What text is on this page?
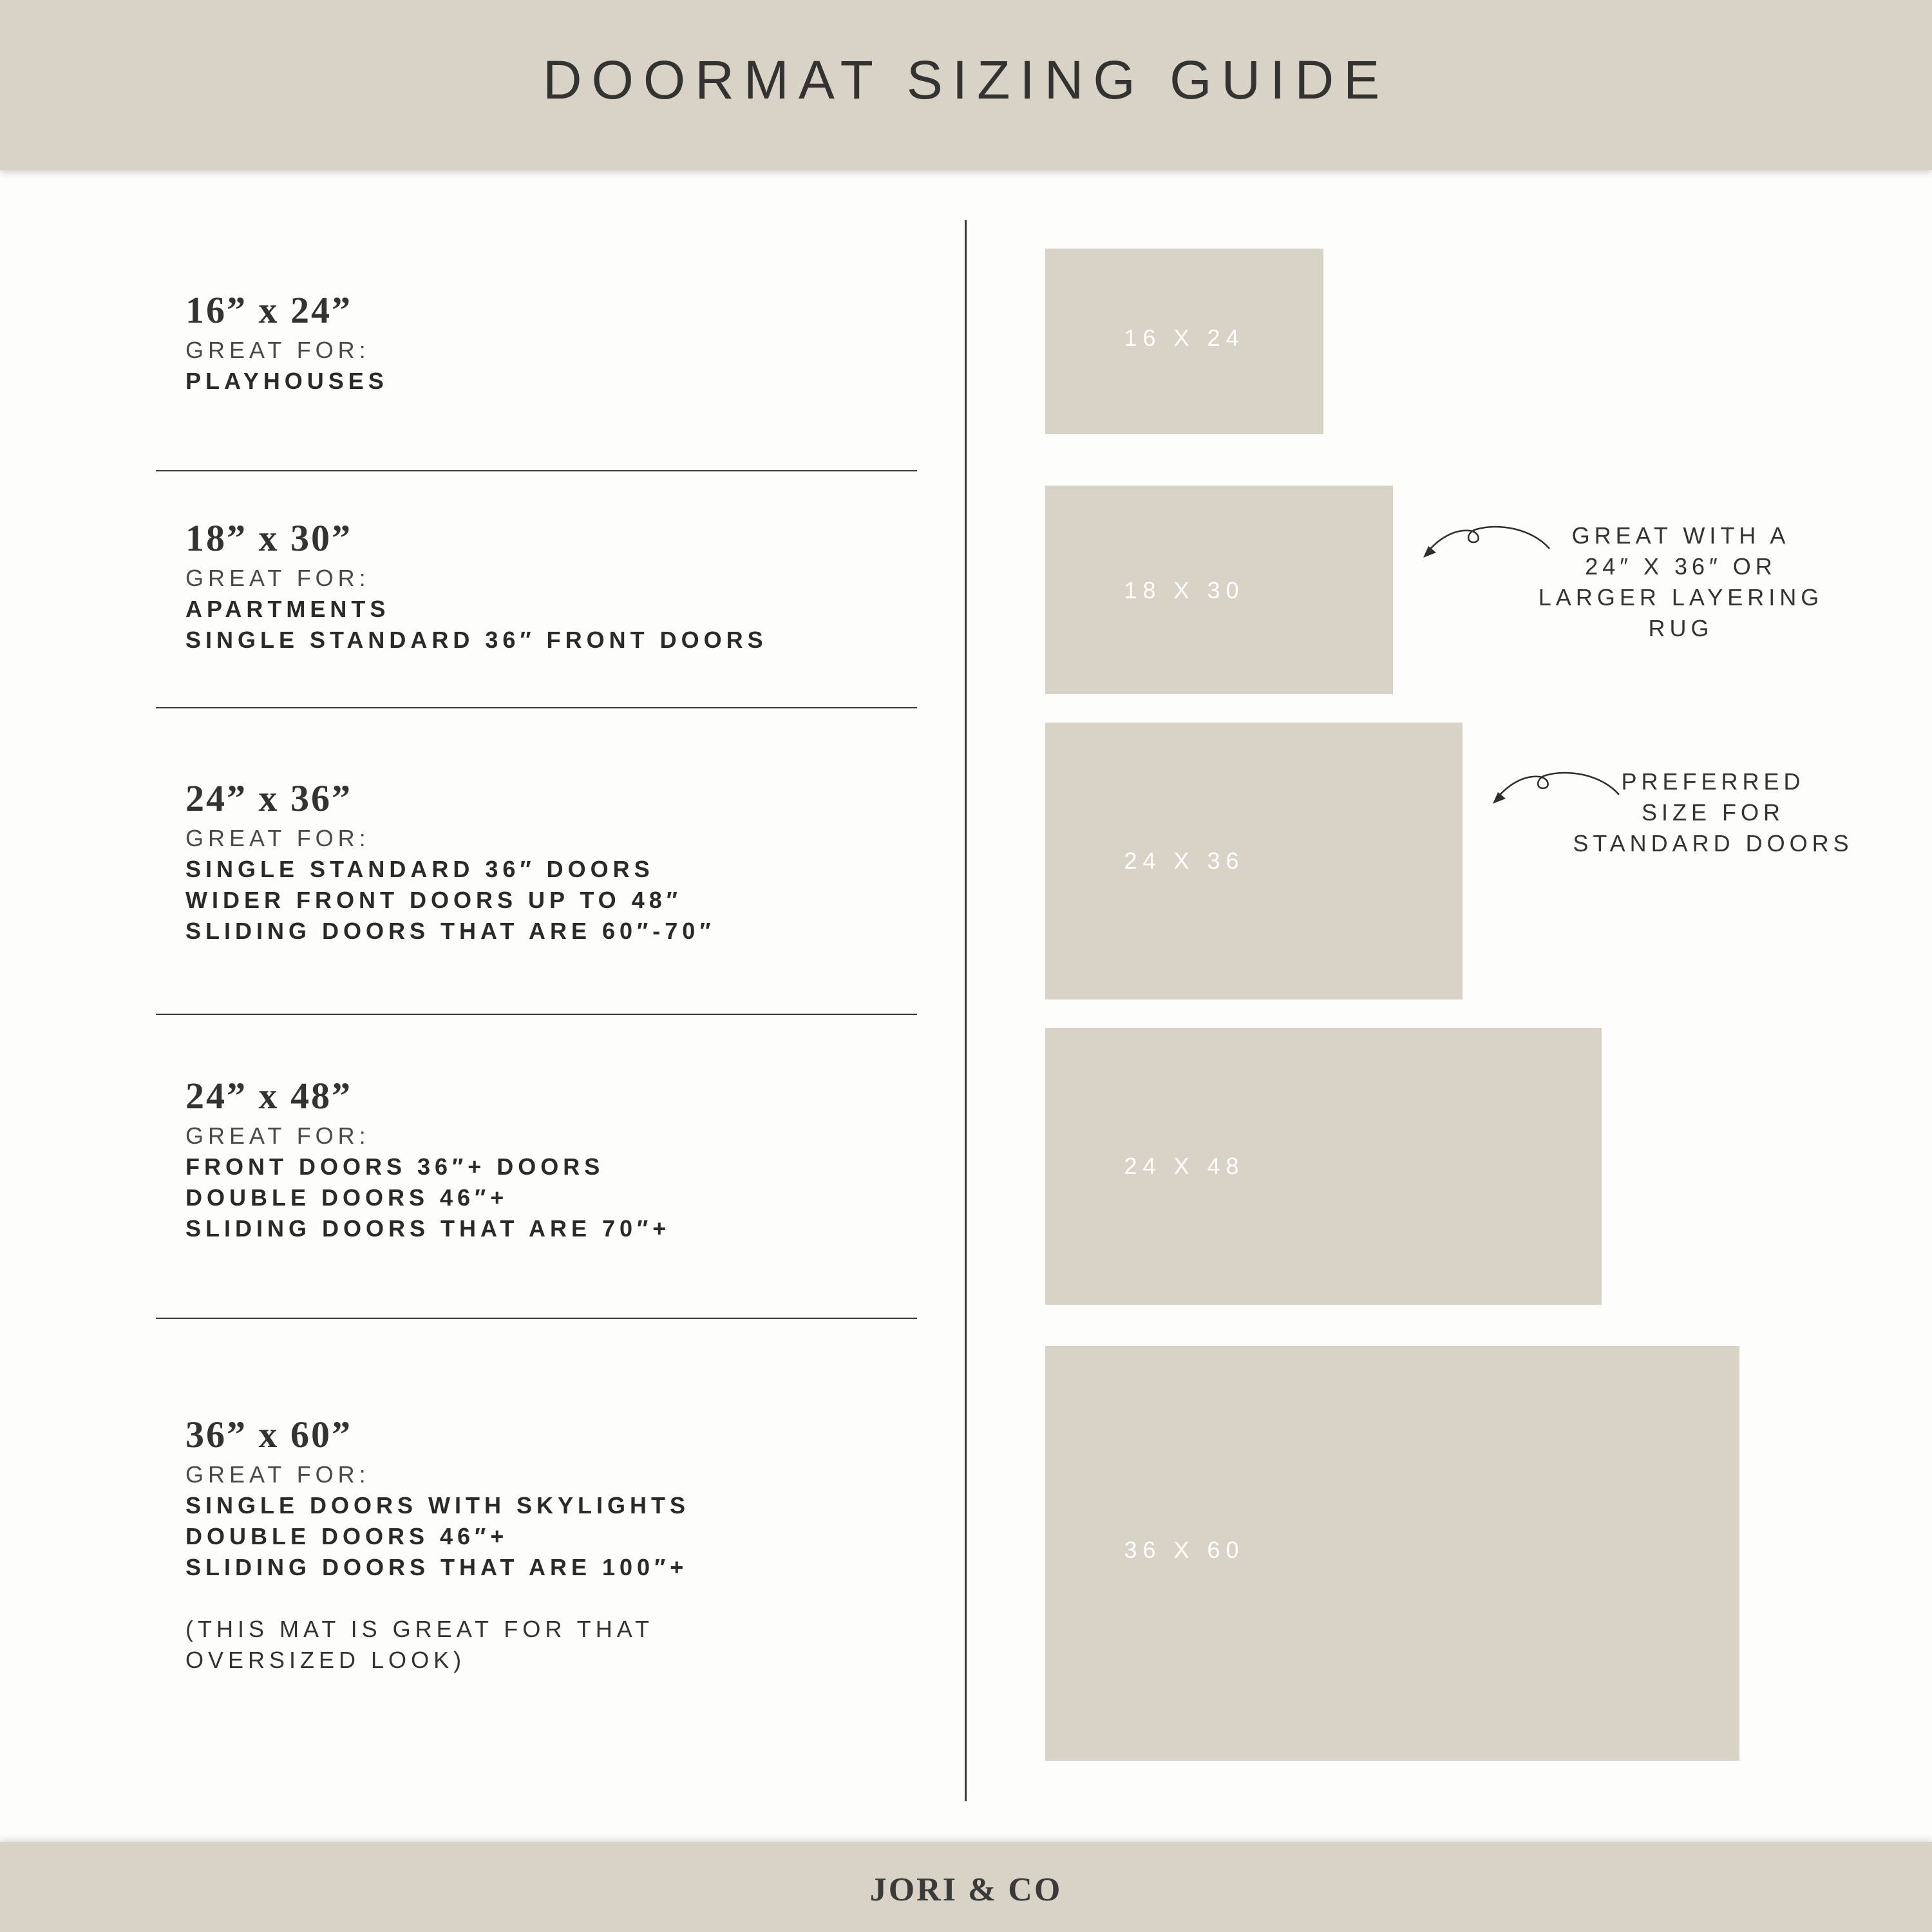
DOORMAT SIZING GUIDE
16” x 24”
GREAT FOR:
PLAYHOUSES
18” x 30”
GREAT FOR:
APARTMENTS
SINGLE STANDARD 36″ FRONT DOORS
24” x 36”
GREAT FOR:
SINGLE STANDARD 36″ DOORS
WIDER FRONT DOORS UP TO 48″
SLIDING DOORS THAT ARE 60″-70″
24” x 48”
GREAT FOR:
FRONT DOORS 36″+ DOORS
DOUBLE DOORS 46″+
SLIDING DOORS THAT ARE 70″+
36” x 60”
GREAT FOR:
SINGLE DOORS WITH SKYLIGHTS
DOUBLE DOORS 46″+
SLIDING DOORS THAT ARE 100″+
(THIS MAT IS GREAT FOR THAT
OVERSIZED LOOK)
16 X 24
18 X 30
24 X 36
24 X 48
36 X 60
GREAT WITH A
24″ X 36″ OR
LARGER LAYERING RUG
PREFERRED
SIZE FOR
STANDARD DOORS
JORI & CO
